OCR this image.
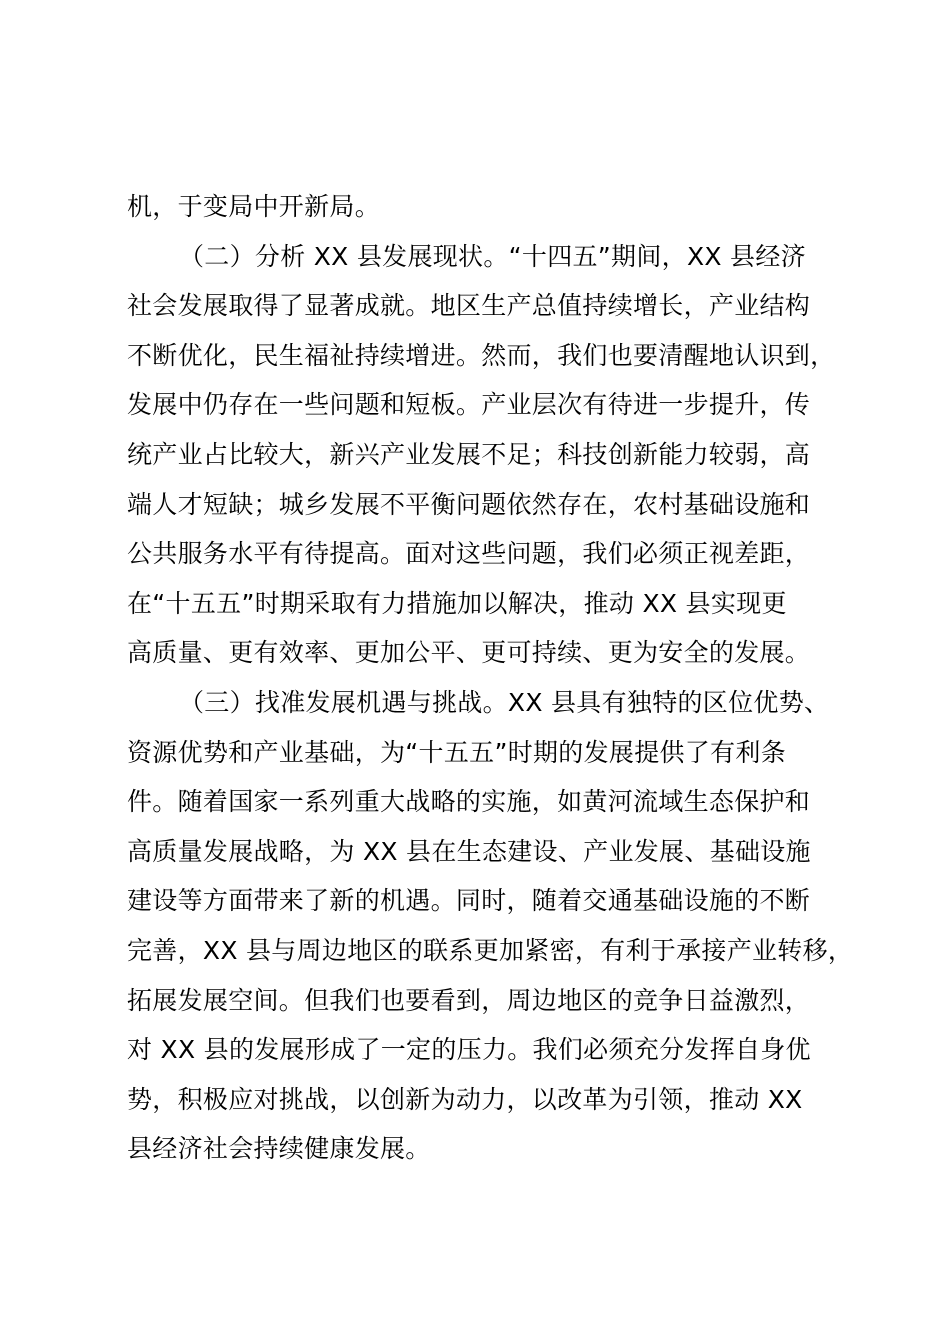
机，于变局中开新局。
（二）分析 XX 县发展现状。“十四五”期间，XX 县经济
社会发展取得了显著成就。地区生产总值持续增长，产业结构
不断优化，民生福祉持续增进。然而，我们也要清醒地认识到，
发展中仍存在一些问题和短板。产业层次有待进一步提升，传
统产业占比较大，新兴产业发展不足；科技创新能力较弱，高
端人才短缺；城乡发展不平衡问题依然存在，农村基础设施和
公共服务水平有待提高。面对这些问题，我们必须正视差距，
在“十五五”时期采取有力措施加以解决，推动 XX 县实现更
高质量、更有效率、更加公平、更可持续、更为安全的发展。
（三）找准发展机遇与挑战。XX 县具有独特的区位优势、
资源优势和产业基础，为“十五五”时期的发展提供了有利条
件。随着国家一系列重大战略的实施，如黄河流域生态保护和
高质量发展战略，为 XX 县在生态建设、产业发展、基础设施
建设等方面带来了新的机遇。同时，随着交通基础设施的不断
完善，XX 县与周边地区的联系更加紧密，有利于承接产业转移，
拓展发展空间。但我们也要看到，周边地区的竞争日益激烈，
对 XX 县的发展形成了一定的压力。我们必须充分发挥自身优
势，积极应对挑战，以创新为动力，以改革为引领，推动 XX
县经济社会持续健康发展。
